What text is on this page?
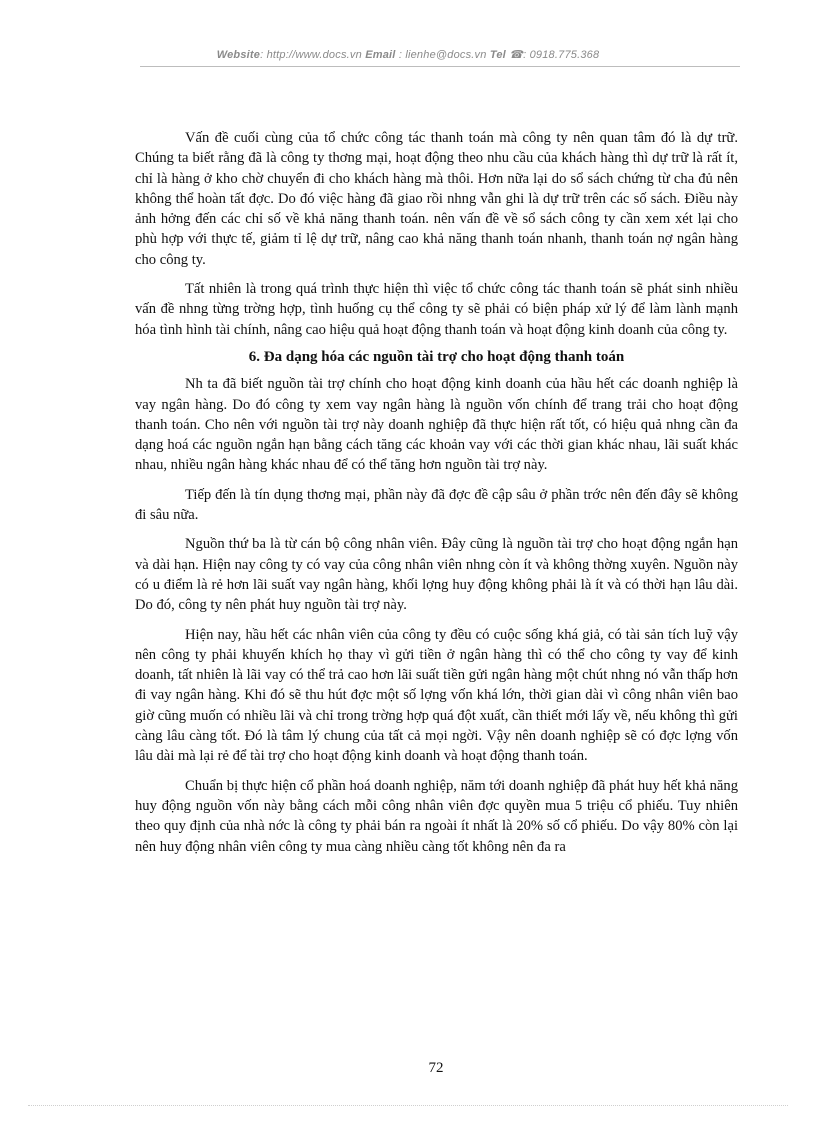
Website: http://www.docs.vn Email : lienhe@docs.vn Tel ☎: 0918.775.368

Vấn đề cuối cùng của tổ chức công tác thanh toán mà công ty nên quan tâm đó là dự trữ. Chúng ta biết rằng đã là công ty thơng mại, hoạt động theo nhu cầu của khách hàng thì dự trữ là rất ít, chỉ là hàng ở kho chờ chuyển đi cho khách hàng mà thôi. Hơn nữa lại do sổ sách chứng từ cha đủ nên không thể hoàn tất đợc. Do đó việc hàng đã giao rồi nhng vẫn ghi là dự trữ trên các số sách. Điều này ảnh hởng đến các chỉ số về khả năng thanh toán. nên vấn đề về sổ sách công ty cần xem xét lại cho phù hợp với thực tế, giảm tỉ lệ dự trữ, nâng cao khả năng thanh toán nhanh, thanh toán nợ ngân hàng cho công ty.

Tất nhiên là trong quá trình thực hiện thì việc tổ chức công tác thanh toán sẽ phát sinh nhiều vấn đề nhng từng trờng hợp, tình huống cụ thể công ty sẽ phải có biện pháp xử lý để làm lành mạnh hóa tình hình tài chính, nâng cao hiệu quả hoạt động thanh toán và hoạt động kinh doanh của công ty.

6. Đa dạng hóa các nguồn tài trợ cho hoạt động thanh toán

Nh ta đã biết nguồn tài trợ chính cho hoạt động kinh doanh của hầu hết các doanh nghiệp là vay ngân hàng. Do đó công ty xem vay ngân hàng là nguồn vốn chính để trang trải cho hoạt động thanh toán. Cho nên với nguồn tài trợ này doanh nghiệp đã thực hiện rất tốt, có hiệu quả nhng cần đa dạng hoá các nguồn ngắn hạn bằng cách tăng các khoản vay với các thời gian khác nhau, lãi suất khác nhau, nhiều ngân hàng khác nhau để có thể tăng hơn nguồn tài trợ này.

Tiếp đến là tín dụng thơng mại, phần này đã đợc đề cập sâu ở phần trớc nên đến đây sẽ không đi sâu nữa.

Nguồn thứ ba là từ cán bộ công nhân viên. Đây cũng là nguồn tài trợ cho hoạt động ngắn hạn và dài hạn. Hiện nay công ty có vay của công nhân viên nhng còn ít và không thờng xuyên. Nguồn này có u điểm là rẻ hơn lãi suất vay ngân hàng, khối lợng huy động không phải là ít và có thời hạn lâu dài. Do đó, công ty nên phát huy nguồn tài trợ này.

Hiện nay, hầu hết các nhân viên của công ty đều có cuộc sống khá giả, có tài sản tích luỹ vậy nên công ty phải khuyến khích họ thay vì gửi tiền ở ngân hàng thì có thể cho công ty vay để kinh doanh, tất nhiên là lãi vay có thể trả cao hơn lãi suất tiền gửi ngân hàng một chút nhng nó vẫn thấp hơn đi vay ngân hàng. Khi đó sẽ thu hút đợc một số lợng vốn khá lớn, thời gian dài vì công nhân viên bao giờ cũng muốn có nhiều lãi và chỉ trong trờng hợp quá đột xuất, cần thiết mới lấy về, nếu không thì gửi càng lâu càng tốt. Đó là tâm lý chung của tất cả mọi ngời. Vậy nên doanh nghiệp sẽ có đợc lợng vốn lâu dài mà lại rẻ để tài trợ cho hoạt động kinh doanh và hoạt động thanh toán.

Chuẩn bị thực hiện cổ phần hoá doanh nghiệp, năm tới doanh nghiệp đã phát huy hết khả năng huy động nguồn vốn này bằng cách mỗi công nhân viên đợc quyền mua 5 triệu cổ phiếu. Tuy nhiên theo quy định của nhà nớc là công ty phải bán ra ngoài ít nhất là 20% số cổ phiếu. Do vậy 80% còn lại nên huy động nhân viên công ty mua càng nhiều càng tốt không nên đa ra

72
